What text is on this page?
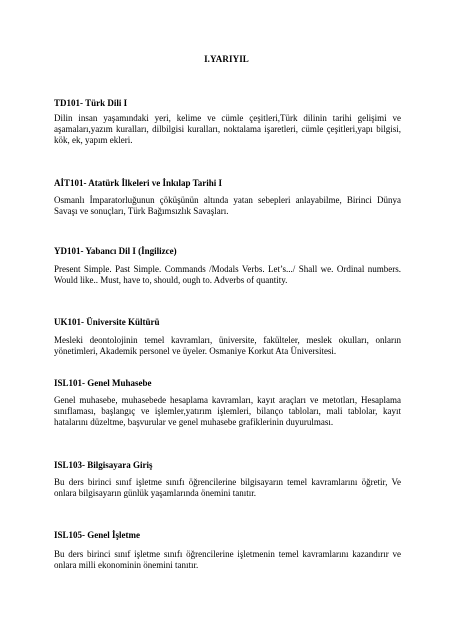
I.YARIYIL
TD101- Türk Dili I
Dilin insan yaşamındaki yeri, kelime ve cümle çeşitleri,Türk dilinin tarihi gelişimi ve
aşamaları,yazım kuralları, dilbilgisi kuralları, noktalama işaretleri, cümle çeşitleri,yapı bilgisi,
kök, ek, yapım ekleri.
AİT101- Atatürk İlkeleri ve İnkılap Tarihi I
Osmanlı İmparatorluğunun çöküşünün altında yatan sebepleri anlayabilme, Birinci Dünya
Savaşı ve sonuçları, Türk Bağımsızlık Savaşları.
YD101- Yabancı Dil I (İngilizce)
Present Simple. Past Simple. Commands /Modals Verbs. Let’s.../ Shall we. Ordinal numbers.
Would like.. Must, have to, should, ough to. Adverbs of quantity.
UK101- Üniversite Kültürü
Mesleki deontolojinin temel kavramları, üniversite, fakülteler, meslek okulları, onların
yönetimleri, Akademik personel ve üyeler. Osmaniye Korkut Ata Üniversitesi.
ISL101- Genel Muhasebe
Genel muhasebe, muhasebede hesaplama kavramları, kayıt araçları ve metotları, Hesaplama
sınıflaması, başlangıç ve işlemler,yatırım işlemleri, bilanço tabloları, mali tablolar, kayıt
hatalarını düzeltme, başvurular ve genel muhasebe grafiklerinin duyurulması.
ISL103- Bilgisayara Giriş
Bu ders birinci sınıf işletme sınıfı öğrencilerine bilgisayarın temel kavramlarını öğretir, Ve
onlara bilgisayarın günlük yaşamlarında önemini tanıtır.
ISL105- Genel İşletme
Bu ders birinci sınıf işletme sınıfı öğrencilerine işletmenin temel kavramlarını kazandırır ve
onlara milli ekonominin önemini tanıtır.
